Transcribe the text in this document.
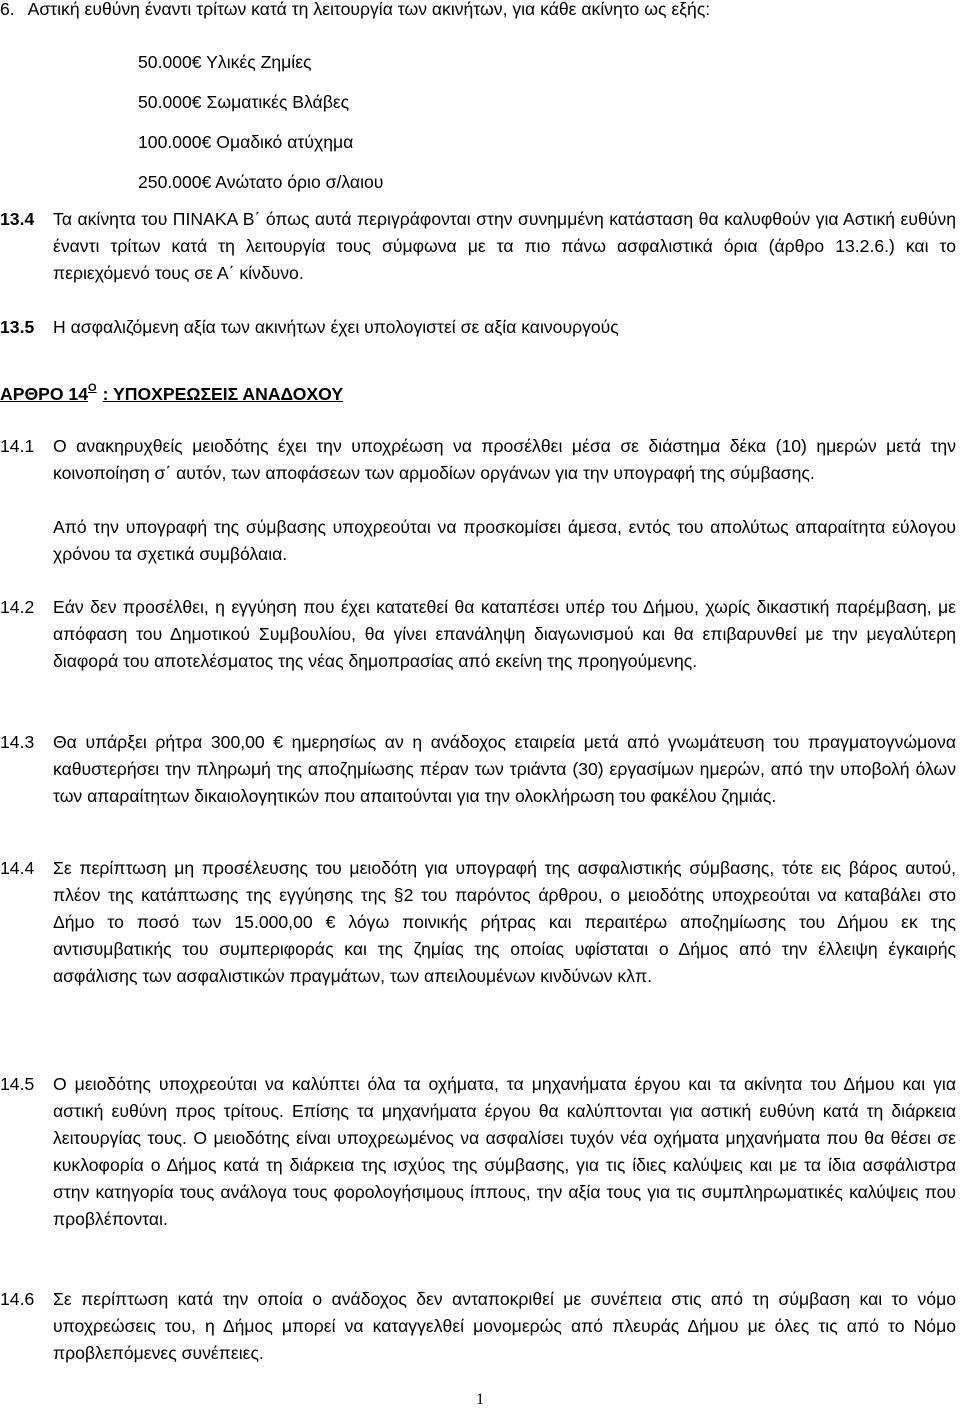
6. Αστική ευθύνη έναντι τρίτων κατά τη λειτουργία των ακινήτων, για κάθε ακίνητο ως εξής:

50.000€ Υλικές Ζημίες

50.000€ Σωματικές Βλάβες

100.000€ Ομαδικό ατύχημα

250.000€ Ανώτατο όριο σ/λαιου

13.4 Τα ακίνητα του ΠΙΝΑΚΑ Β΄ όπως αυτά περιγράφονται στην συνημμένη κατάσταση θα καλυφθούν για Αστική ευθύνη έναντι τρίτων κατά τη λειτουργία τους σύμφωνα με τα πιο πάνω ασφαλιστικά όρια (άρθρο 13.2.6.) και το περιεχόμενό τους σε Α΄ κίνδυνο.

13.5 Η ασφαλιζόμενη αξία των ακινήτων έχει υπολογιστεί σε αξία καινουργούς

ΑΡΘΡΟ $14^O$ : ΥΠΟΧΡΕΩΣΕΙΣ ΑΝΑΔΟΧΟΥ

14.1 Ο ανακηρυχθείς μειοδότης έχει την υποχρέωση να προσέλθει μέσα σε διάστημα δέκα (10) ημερών μετά την κοινοποίηση σ΄ αυτόν, των αποφάσεων των αρμοδίων οργάνων για την υπογραφή της σύμβασης.

Από την υπογραφή της σύμβασης υποχρεούται να προσκομίσει άμεσα, εντός του απολύτως απαραίτητα εύλογου χρόνου τα σχετικά συμβόλαια.

14.2 Εάν δεν προσέλθει, η εγγύηση που έχει κατατεθεί θα καταπέσει υπέρ του Δήμου, χωρίς δικαστική παρέμβαση, με απόφαση του Δημοτικού Συμβουλίου, θα γίνει επανάληψη διαγωνισμού και θα επιβαρυνθεί με την μεγαλύτερη διαφορά του αποτελέσματος της νέας δημοπρασίας από εκείνη της προηγούμενης.

14.3 Θα υπάρξει ρήτρα 300,00 € ημερησίως αν η ανάδοχος εταιρεία μετά από γνωμάτευση του πραγματογνώμονα καθυστερήσει την πληρωμή της αποζημίωσης πέραν των τριάντα (30) εργασίμων ημερών, από την υποβολή όλων των απαραίτητων δικαιολογητικών που απαιτούνται για την ολοκλήρωση του φακέλου ζημιάς.

14.4 Σε περίπτωση μη προσέλευσης του μειοδότη για υπογραφή της ασφαλιστικής σύμβασης, τότε εις βάρος αυτού, πλέον της κατάπτωσης της εγγύησης της §2 του παρόντος άρθρου, ο μειοδότης υποχρεούται να καταβάλει στο Δήμο το ποσό των 15.000,00 € λόγω ποινικής ρήτρας και περαιτέρω αποζημίωσης του Δήμου εκ της αντισυμβατικής του συμπεριφοράς και της ζημίας της οποίας υφίσταται ο Δήμος από την έλλειψη έγκαιρής ασφάλισης των ασφαλιστικών πραγμάτων, των απειλουμένων κινδύνων κλπ.

14.5 Ο μειοδότης υποχρεούται να καλύπτει όλα τα οχήματα, τα μηχανήματα έργου και τα ακίνητα του Δήμου και για αστική ευθύνη προς τρίτους. Επίσης τα μηχανήματα έργου θα καλύπτονται για αστική ευθύνη κατά τη διάρκεια λειτουργίας τους. Ο μειοδότης είναι υποχρεωμένος να ασφαλίσει τυχόν νέα οχήματα μηχανήματα που θα θέσει σε κυκλοφορία ο Δήμος κατά τη διάρκεια της ισχύος της σύμβασης, για τις ίδιες καλύψεις και με τα ίδια ασφάλιστρα στην κατηγορία τους ανάλογα τους φορολογήσιμους ίππους, την αξία τους για τις συμπληρωματικές καλύψεις που προβλέπονται.

14.6 Σε περίπτωση κατά την οποία ο ανάδοχος δεν ανταποκριθεί με συνέπεια στις από τη σύμβαση και το νόμο υποχρεώσεις του, η Δήμος μπορεί να καταγγελθεί μονομερώς από πλευράς Δήμου με όλες τις από το Νόμο προβλεπόμενες συνέπειες.

1
